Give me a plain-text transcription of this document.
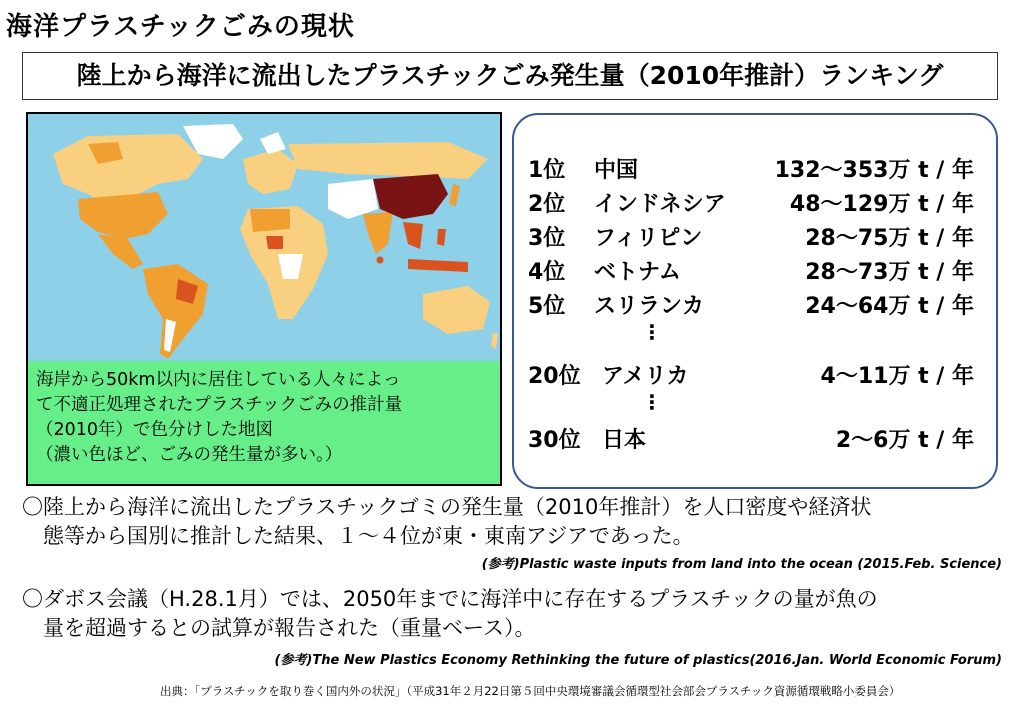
海洋プラスチックごみの現状
陸上から海洋に流出したプラスチックごみ発生量（2010年推計）ランキング
海岸から50km以内に居住している人々によっ
て不適正処理されたプラスチックごみの推計量
（2010年）で色分けした地図
（濃い色ほど、ごみの発生量が多い。）
1位 中国	132～353万 t / 年
2位 インドネシア	48～129万 t / 年
3位 フィリピン	28～75万 t / 年
4位 ベトナム	28～73万 t / 年
5位 スリランカ	24～64万 t / 年
⋮
20位 アメリカ	4～11万 t / 年
⋮
30位 日本	2～6万 t / 年
〇陸上から海洋に流出したプラスチックゴミの発生量（2010年推計）を人口密度や経済状
　態等から国別に推計した結果、１～４位が東・東南アジアであった。
(参考)Plastic waste inputs from land into the ocean (2015.Feb. Science)
〇ダボス会議（H.28.1月）では、2050年までに海洋中に存在するプラスチックの量が魚の
　量を超過するとの試算が報告された（重量ベース）。
(参考)The New Plastics Economy Rethinking the future of plastics(2016.Jan. World Economic Forum)
出典：「プラスチックを取り巻く国内外の状況」（平成31年２月22日第５回中央環境審議会循環型社会部会プラスチック資源循環戦略小委員会）
